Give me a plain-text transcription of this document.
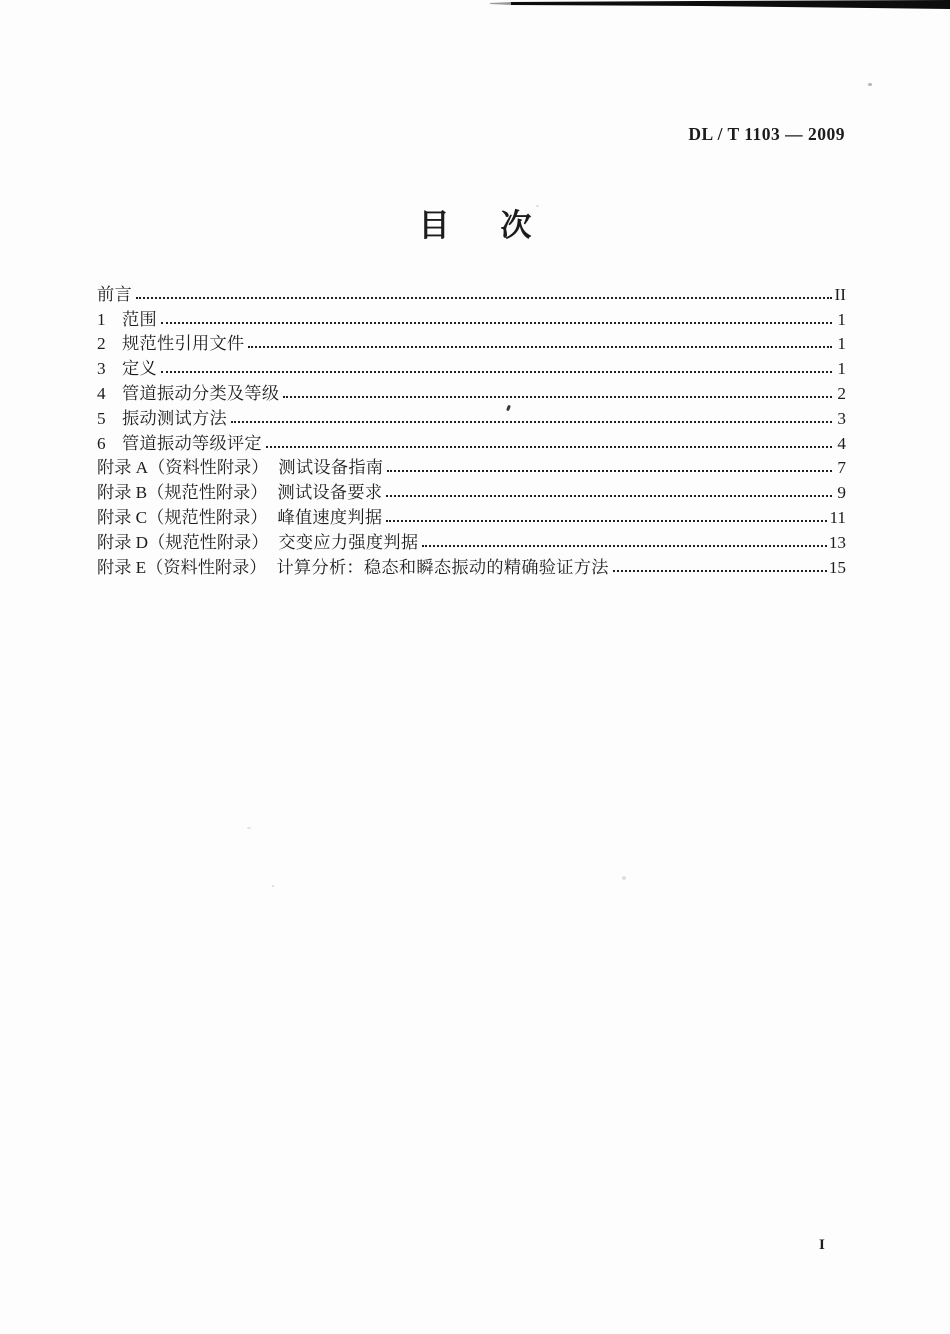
DL / T 1103 — 2009
目　次
前言	II
1 范围	1
2 规范性引用文件	1
3 定义	1
4 管道振动分类及等级	2
5 振动测试方法	3
6 管道振动等级评定	4
附录 A（资料性附录） 测试设备指南	7
附录 B（规范性附录） 测试设备要求	9
附录 C（规范性附录） 峰值速度判据	11
附录 D（规范性附录） 交变应力强度判据	13
附录 E（资料性附录） 计算分析：稳态和瞬态振动的精确验证方法	15
I
